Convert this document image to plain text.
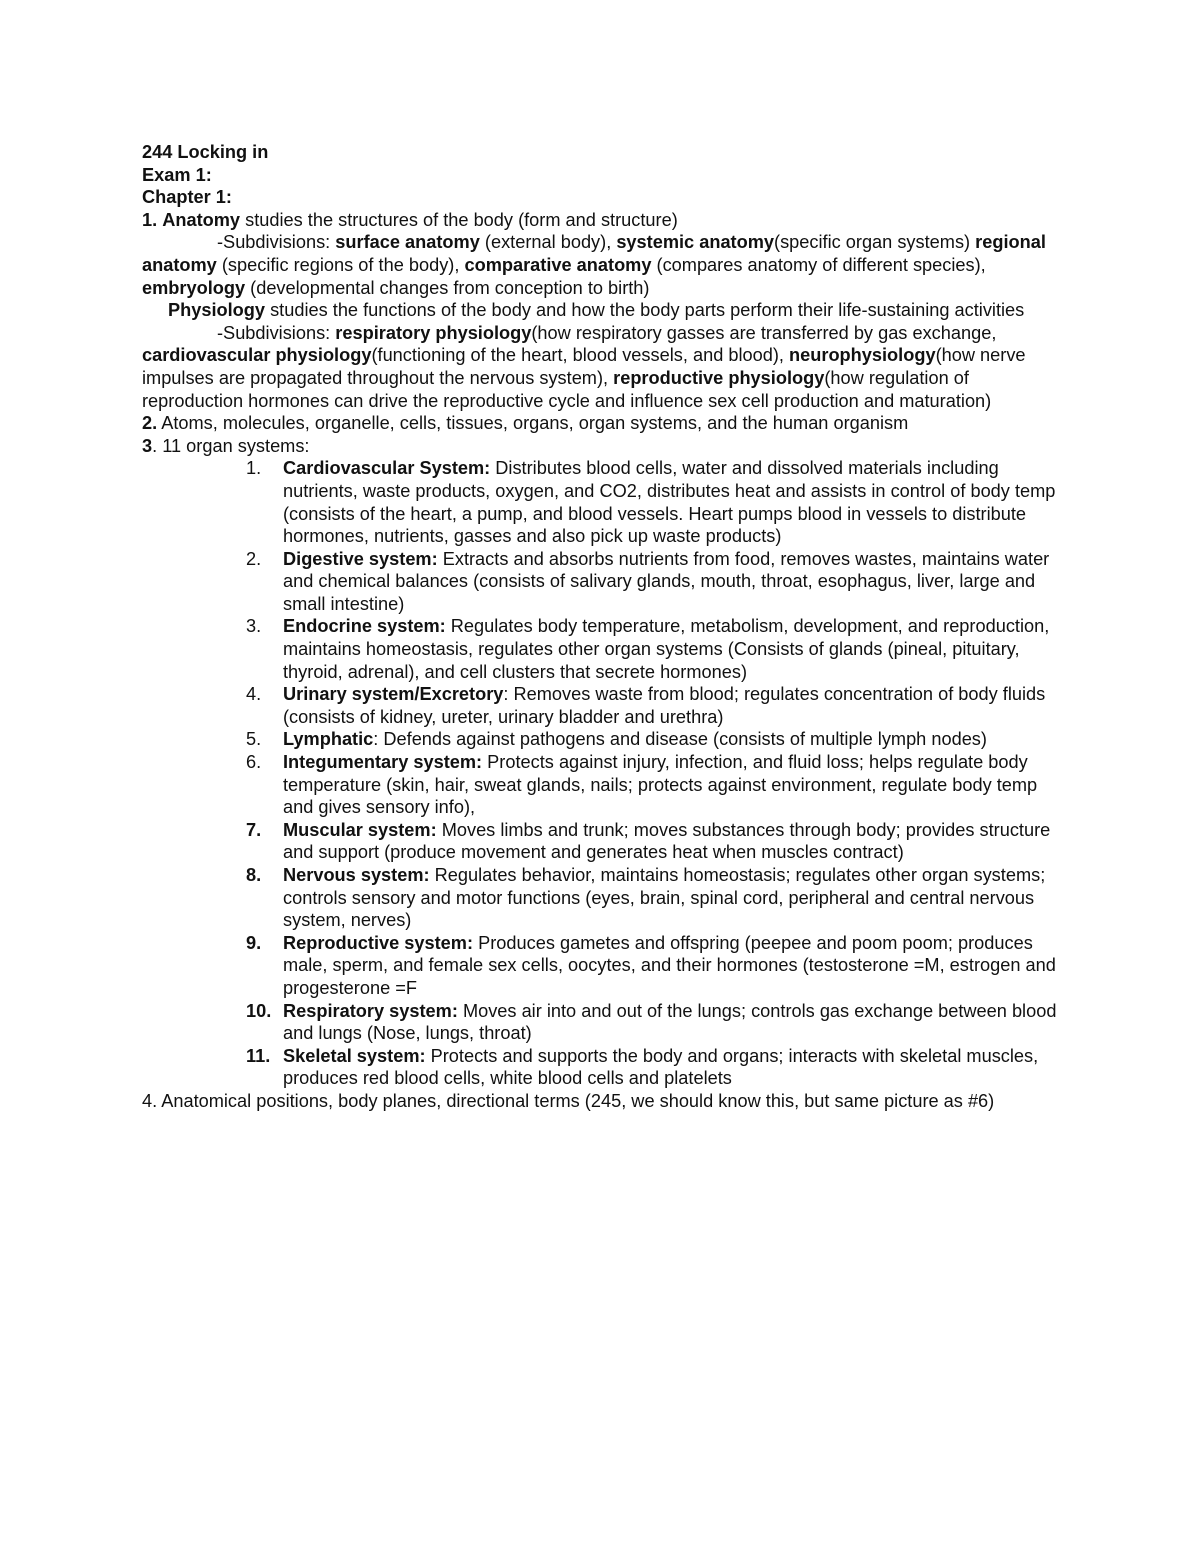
244 Locking in
Exam 1:
Chapter 1:
1. Anatomy studies the structures of the body (form and structure)
-Subdivisions: surface anatomy (external body), systemic anatomy(specific organ systems) regional anatomy (specific regions of the body), comparative anatomy (compares anatomy of different species), embryology (developmental changes from conception to birth)
Physiology studies the functions of the body and how the body parts perform their life-sustaining activities
-Subdivisions: respiratory physiology(how respiratory gasses are transferred by gas exchange, cardiovascular physiology(functioning of the heart, blood vessels, and blood), neurophysiology(how nerve impulses are propagated throughout the nervous system), reproductive physiology(how regulation of reproduction hormones can drive the reproductive cycle and influence sex cell production and maturation)
2. Atoms, molecules, organelle, cells, tissues, organs, organ systems, and the human organism
3. 11 organ systems:
1. Cardiovascular System: Distributes blood cells, water and dissolved materials including nutrients, waste products, oxygen, and CO2, distributes heat and assists in control of body temp (consists of the heart, a pump, and blood vessels. Heart pumps blood in vessels to distribute hormones, nutrients, gasses and also pick up waste products)
2. Digestive system: Extracts and absorbs nutrients from food, removes wastes, maintains water and chemical balances (consists of salivary glands, mouth, throat, esophagus, liver, large and small intestine)
3. Endocrine system: Regulates body temperature, metabolism, development, and reproduction, maintains homeostasis, regulates other organ systems (Consists of glands (pineal, pituitary, thyroid, adrenal), and cell clusters that secrete hormones)
4. Urinary system/Excretory: Removes waste from blood; regulates concentration of body fluids (consists of kidney, ureter, urinary bladder and urethra)
5. Lymphatic: Defends against pathogens and disease (consists of multiple lymph nodes)
6. Integumentary system: Protects against injury, infection, and fluid loss; helps regulate body temperature (skin, hair, sweat glands, nails; protects against environment, regulate body temp and gives sensory info),
7. Muscular system: Moves limbs and trunk; moves substances through body; provides structure and support (produce movement and generates heat when muscles contract)
8. Nervous system: Regulates behavior, maintains homeostasis; regulates other organ systems; controls sensory and motor functions (eyes, brain, spinal cord, peripheral and central nervous system, nerves)
9. Reproductive system: Produces gametes and offspring (peepee and poom poom; produces male, sperm, and female sex cells, oocytes, and their hormones (testosterone =M, estrogen and progesterone =F
10. Respiratory system: Moves air into and out of the lungs; controls gas exchange between blood and lungs (Nose, lungs, throat)
11. Skeletal system: Protects and supports the body and organs; interacts with skeletal muscles, produces red blood cells, white blood cells and platelets
4. Anatomical positions, body planes, directional terms (245, we should know this, but same picture as #6)
